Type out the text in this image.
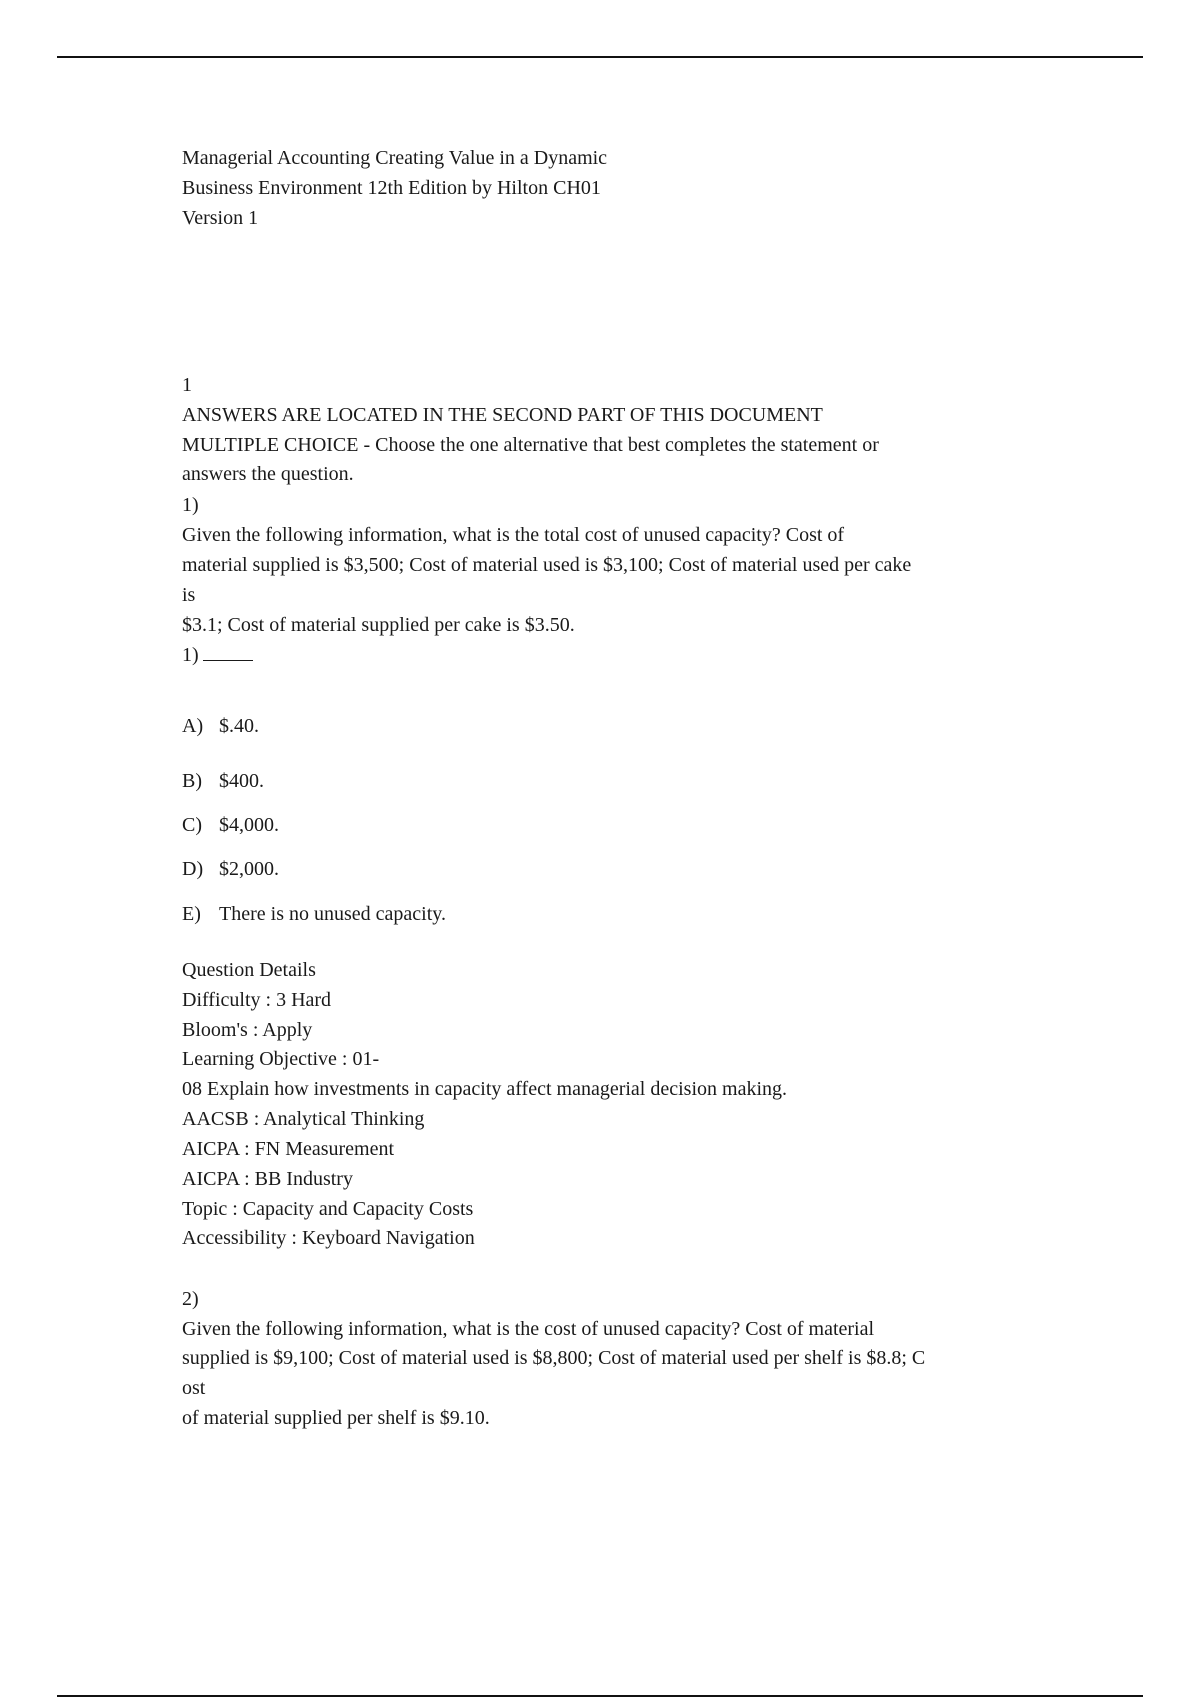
Managerial Accounting Creating Value in a Dynamic
Business Environment 12th Edition by Hilton CH01
Version 1
1
ANSWERS ARE LOCATED IN THE SECOND PART OF THIS DOCUMENT
MULTIPLE CHOICE - Choose the one alternative that best completes the statement or
answers the question.
1)
Given the following information, what is the total cost of unused capacity? Cost of
material supplied is $3,500; Cost of material used is $3,100; Cost of material used per cake
is
$3.1; Cost of material supplied per cake is $3.50.
1)
A) $.40.
B) $400.
C) $4,000.
D) $2,000.
E) There is no unused capacity.
Question Details
Difficulty : 3 Hard
Bloom's : Apply
Learning Objective : 01-
08 Explain how investments in capacity affect managerial decision making.
AACSB : Analytical Thinking
AICPA : FN Measurement
AICPA : BB Industry
Topic : Capacity and Capacity Costs
Accessibility : Keyboard Navigation
2)
Given the following information, what is the cost of unused capacity? Cost of material
supplied is $9,100; Cost of material used is $8,800; Cost of material used per shelf is $8.8; C
ost
of material supplied per shelf is $9.10.
